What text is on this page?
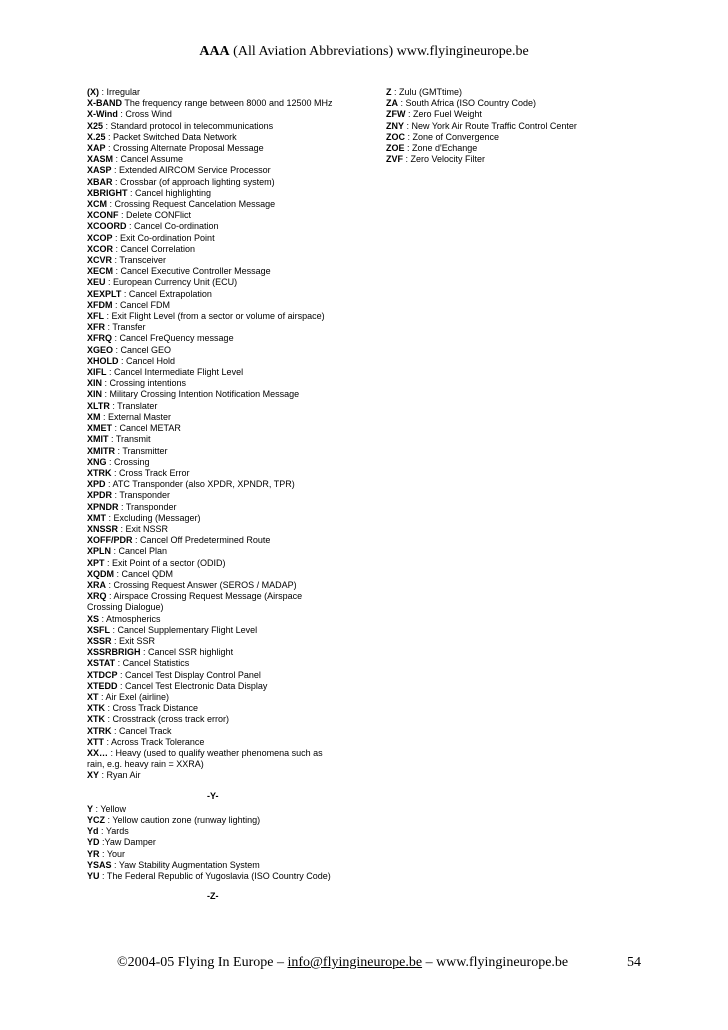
AAA (All Aviation Abbreviations) www.flyingineurope.be
(X) : Irregular
X-BAND The frequency range between 8000 and 12500 MHz
X-Wind : Cross Wind
X25 : Standard protocol in telecommunications
X.25 : Packet Switched Data Network
XAP : Crossing Alternate Proposal Message
XASM : Cancel Assume
XASP : Extended AIRCOM Service Processor
XBAR : Crossbar (of approach lighting system)
XBRIGHT : Cancel highlighting
XCM : Crossing Request Cancelation Message
XCONF : Delete CONFlict
XCOORD : Cancel Co-ordination
XCOP : Exit Co-ordination Point
XCOR : Cancel Correlation
XCVR : Transceiver
XECM : Cancel Executive Controller Message
XEU : European Currency Unit (ECU)
XEXPLT : Cancel Extrapolation
XFDM : Cancel FDM
XFL : Exit Flight Level (from a sector or volume of airspace)
XFR : Transfer
XFRQ : Cancel FreQuency message
XGEO : Cancel GEO
XHOLD : Cancel Hold
XIFL : Cancel Intermediate Flight Level
XIN : Crossing intentions
XIN : Military Crossing Intention Notification Message
XLTR : Translater
XM : External Master
XMET : Cancel METAR
XMIT : Transmit
XMITR : Transmitter
XNG : Crossing
XTRK : Cross Track Error
XPD : ATC Transponder (also XPDR, XPNDR, TPR)
XPDR : Transponder
XPNDR : Transponder
XMT : Excluding (Messager)
XNSSR : Exit NSSR
XOFF/PDR : Cancel Off Predetermined Route
XPLN : Cancel Plan
XPT : Exit Point of a sector (ODID)
XQDM : Cancel QDM
XRA : Crossing Request Answer (SEROS / MADAP)
XRQ : Airspace Crossing Request Message (Airspace Crossing Dialogue)
XS : Atmospherics
XSFL : Cancel Supplementary Flight Level
XSSR : Exit SSR
XSSRBRIGH : Cancel SSR highlight
XSTAT : Cancel Statistics
XTDCP : Cancel Test Display Control Panel
XTEDD : Cancel Test Electronic Data Display
XT : Air Exel (airline)
XTK : Cross Track Distance
XTK : Crosstrack (cross track error)
XTRK : Cancel Track
XTT : Across Track Tolerance
XX… : Heavy (used to qualify weather phenomena such as rain, e.g. heavy rain = XXRA)
XY : Ryan Air
-Y-
Y : Yellow
YCZ : Yellow caution zone (runway lighting)
Yd : Yards
YD :Yaw Damper
YR : Your
YSAS : Yaw Stability Augmentation System
YU : The Federal Republic of Yugoslavia (ISO Country Code)
-Z-
Z : Zulu (GMTtime)
ZA : South Africa (ISO Country Code)
ZFW : Zero Fuel Weight
ZNY : New York Air Route Traffic Control Center
ZOC : Zone of Convergence
ZOE : Zone d'Echange
ZVF : Zero Velocity Filter
©2004-05 Flying In Europe – info@flyingineurope.be – www.flyingineurope.be	54
